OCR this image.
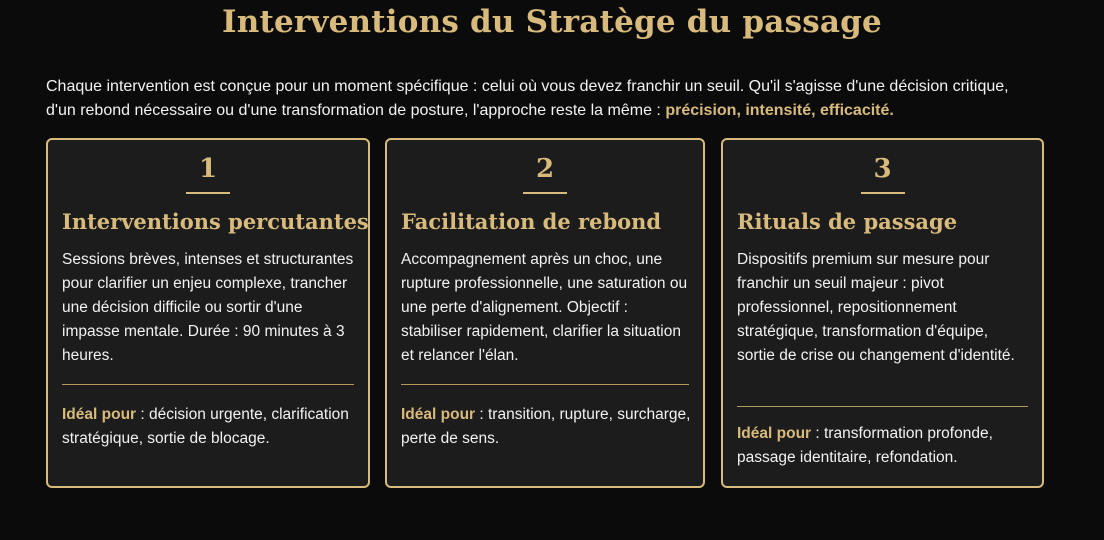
Interventions du Stratège du passage
Chaque intervention est conçue pour un moment spécifique : celui où vous devez franchir un seuil. Qu'il s'agisse d'une décision critique,
d'un rebond nécessaire ou d'une transformation de posture, l'approche reste la même : précision, intensité, efficacité.
1
Interventions percutantes
Sessions brèves, intenses et structurantes pour clarifier un enjeu complexe, trancher une décision difficile ou sortir d'une impasse mentale. Durée : 90 minutes à 3 heures.
Idéal pour : décision urgente, clarification stratégique, sortie de blocage.
2
Facilitation de rebond
Accompagnement après un choc, une rupture professionnelle, une saturation ou une perte d'alignement. Objectif : stabiliser rapidement, clarifier la situation et relancer l'élan.
Idéal pour : transition, rupture, surcharge, perte de sens.
3
Rituals de passage
Dispositifs premium sur mesure pour franchir un seuil majeur : pivot professionnel, repositionnement stratégique, transformation d'équipe, sortie de crise ou changement d'identité.
Idéal pour : transformation profonde, passage identitaire, refondation.
